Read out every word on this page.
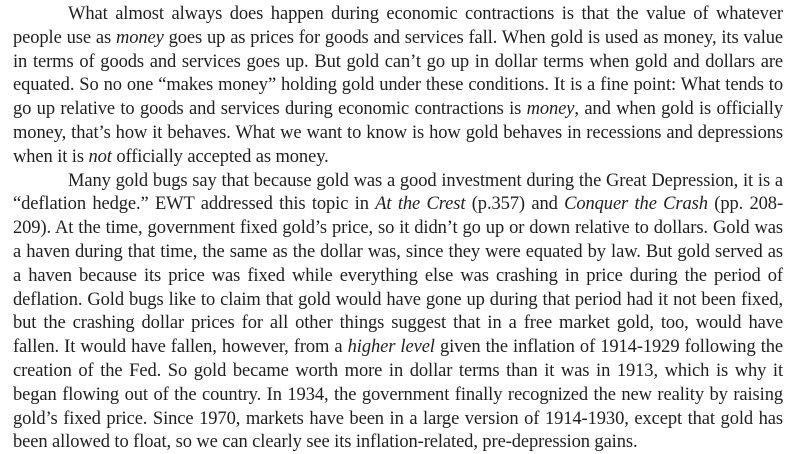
What almost always does happen during economic contractions is that the value of whatever people use as money goes up as prices for goods and services fall. When gold is used as money, its value in terms of goods and services goes up. But gold can’t go up in dollar terms when gold and dollars are equated. So no one “makes money” holding gold under these conditions. It is a fine point: What tends to go up relative to goods and services during economic contractions is money, and when gold is officially money, that’s how it behaves. What we want to know is how gold behaves in recessions and depressions when it is not officially accepted as money.

Many gold bugs say that because gold was a good investment during the Great Depression, it is a “deflation hedge.” EWT addressed this topic in At the Crest (p.357) and Conquer the Crash (pp. 208-209). At the time, government fixed gold’s price, so it didn’t go up or down relative to dollars. Gold was a haven during that time, the same as the dollar was, since they were equated by law. But gold served as a haven because its price was fixed while everything else was crashing in price during the period of deflation. Gold bugs like to claim that gold would have gone up during that period had it not been fixed, but the crashing dollar prices for all other things suggest that in a free market gold, too, would have fallen. It would have fallen, however, from a higher level given the inflation of 1914-1929 following the creation of the Fed. So gold became worth more in dollar terms than it was in 1913, which is why it began flowing out of the country. In 1934, the government finally recognized the new reality by raising gold’s fixed price. Since 1970, markets have been in a large version of 1914-1930, except that gold has been allowed to float, so we can clearly see its inflation-related, pre-depression gains.
